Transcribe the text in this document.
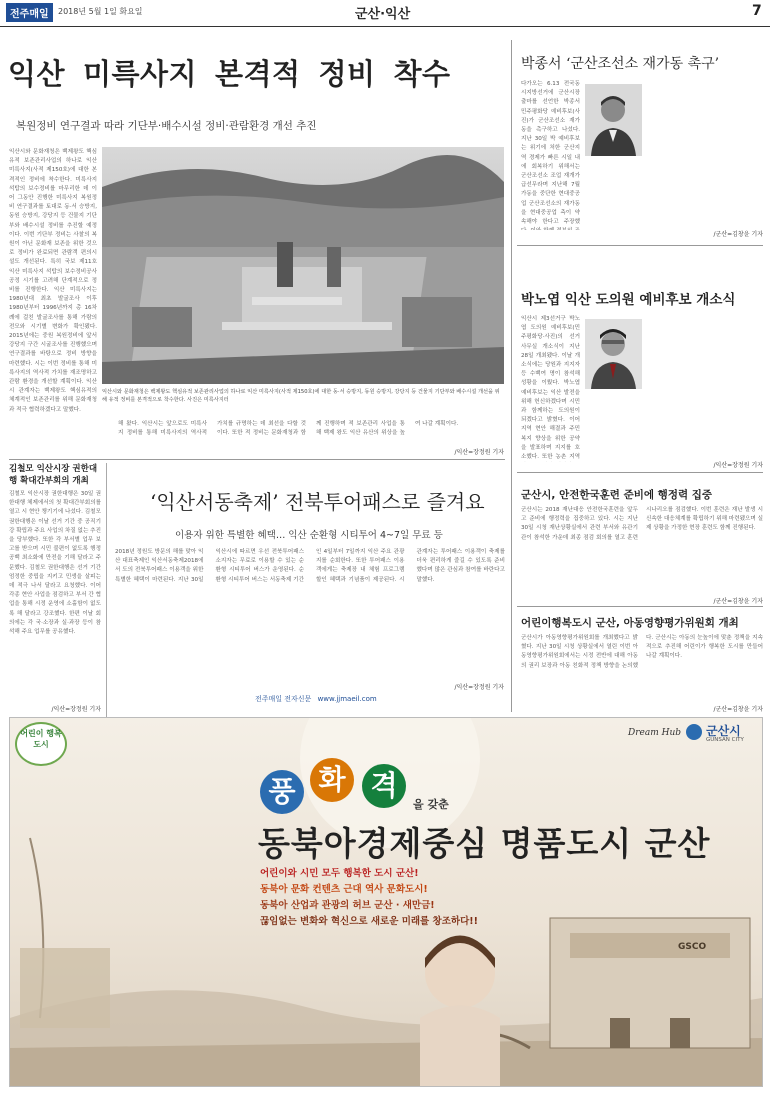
전주매일	2018년 5월 1일 화요일	군산·익산	7
익산 미륵사지 본격적 정비 착수
복원정비 연구결과 따라 기단부·배수시설 정비·관람환경 개선 추진
익산시와 문화재청은 백제왕도 핵심유적 보존관리사업의 하나로 익산 미륵사지(사적 제150호)에 대한 본격적인 정비에 착수한다. 미륵사지 석탑의 보수정비를 마무리한 데 이어 그동안 진행한 미륵사지 복원정비 연구결과를 토대로 동·서 승방지, 동원 승방지, 강당지 등 건물지 기단부와 배수시설 정비를 추진할 예정이다. 이번 기단부 정비는 사찰의 복원이 아닌 문화재 보존을 위한 것으로 정비가 완료되면 관람객 편의시설도 개선된다. 특히 국보 제11호 익산 미륵사지 석탑의 보수정비공사 공정 시기를 고려해 단계적으로 정비를 진행한다. 익산 미륵사지는 1980년대 최초 발굴조사 이후 1980년부터 1996년까지 총 16차례에 걸친 발굴조사를 통해 가람의 전모와 시기별 변화가 확인됐다. 2015년에는 중원 복원정비에 앞서 강당지 구간 시굴조사를 진행했으며 연구결과를 바탕으로 정비 방향을 마련했다. 시는 이번 정비를 통해 미륵사지의 역사적 가치를 재조명하고 관람 환경을 개선할 계획이다. 익산시 관계자는 백제왕도 핵심유적의 체계적인 보존관리를 위해 문화재청과 적극 협력하겠다고 말했다.
익산시와 문화재청은 백제왕도 핵심유적 보존관리사업의 하나로 익산 미륵사지(사적 제150호)에 대한 동·서 승방지, 동원 승방지, 강당지 등 건물지 기단부와 배수시설 개선을 위해 유적 정비를 본격적으로 착수한다. 사진은 미륵사지터
해 왔다. 익산시는 앞으로도 미륵사지 정비를 통해 미륵사지의 역사적 가치를 규명하는 데 최선을 다할 것이다. 또한 적 정비는 문화재청과 함께 진행하며 적 보존관리 사업을 통해 백제 왕도 익산 유산의 위상을 높여 나갈 계획이다.
/익산=장정원 기자
김철모 익산시장 권한대행 확대간부회의 개최
김철모 익산시장 권한대행은 30일 권한대행 체제에서의 첫 확대간부회의를 열고 시 현안 챙기기에 나섰다. 김철모 권한대행은 이날 선거 기간 중 공직기강 확립과 주요 사업의 차질 없는 추진을 당부했다. 또한 각 부서별 업무 보고를 받으며 시민 불편이 없도록 행정 공백 최소화에 만전을 기해 달라고 주문했다. 김철모 권한대행은 선거 기간 엄정한 중립을 지키고 민생을 살피는 데 적극 나서 달라고 요청했다. 이어 각종 현안 사업을 점검하고 부서 간 협업을 통해 시정 운영에 소홀함이 없도록 해 달라고 강조했다. 한편 이날 회의에는 각 국·소장과 실·과장 등이 참석해 주요 업무를 공유했다.
/익산=장정원 기자
‘익산서동축제’ 전북투어패스로 즐겨요
이용자 위한 특별한 혜택… 익산 순환형 시티투어 4~7일 무료 등
2018년 정원도 방문의 해를 맞아 익산 대표축제인 익산서동축제2018에서 도의 전북투어패스 이용객을 위한 특별한 혜택이 마련된다. 지난 30일 익산시에 따르면 우선 전북투어패스 소지자는 무료로 이용할 수 있는 순환형 시티투어 버스가 운영된다. 순환형 시티투어 버스는 서동축제 기간인 4일부터 7일까지 익산 주요 관광지를 순회한다. 또한 투어패스 이용객에게는 축제장 내 체험 프로그램 할인 혜택과 기념품이 제공된다. 시 관계자는 투어패스 이용객이 축제를 더욱 편리하게 즐길 수 있도록 준비했다며 많은 관심과 참여를 바란다고 말했다.
/익산=장정원 기자
전주매일 전자신문 www.jjmaeil.com
박종서 ‘군산조선소 재가동 촉구’
다가오는 6.13 전국동시지방선거에 군산시장 출마를 선언한 박종서 민주평화당 예비후보(사진)가 군산조선소 재가동을 촉구하고 나섰다. 지난 30일 박 예비후보는 위기에 처한 군산지역 경제가 빠른 시일 내에 회복하기 위해서는 군산조선소 조업 재개가 급선무라며 지난해 7월 가동을 중단한 현대중공업 군산조선소의 재가동을 현대중공업 측이 약속해야 한다고 주장했
/군산=김창윤 기자
박노엽 익산 도의원 예비후보 개소식
익산시 제3선거구 박노엽 도의원 예비후보(민주평화당·사진)의 선거사무실 개소식이 지난 28일 개최됐다. 이날 개소식에는 당원과 지지자 등 수백여 명이 참석해 성황을 이뤘다. 박노엽 예비후보는 익산 발전을 위해 헌신하겠다며 시민과 함께하는 도의원이 되겠다고 밝혔다. 이어 지역 현안 해결과 주민 복지 향상을 위한 공약을 발표하며 지지를 호소했다. 또한 농촌 지역
/익산=장정원 기자
군산시, 안전한국훈련 준비에 행정력 집중
군산시는 2018 재난대응 안전한국훈련을 앞두고 준비에 행정력을 집중하고 있다. 시는 지난 30일 시청 재난상황실에서 관련 부서와 유관기관이 참석한 가운데 최종 점검 회의를 열고 훈련 시나리오를 점검했다. 이번 훈련은 재난 발생 시 신속한 대응체계를 확립하기 위해 마련됐으며 실제 상황을 가정한 현장 훈련도 함께 진행된다.
/군산=김창윤 기자
어린이행복도시 군산, 아동영향평가위원회 개최
군산시가 아동영향평가위원회를 개최했다고 밝혔다. 지난 30일 시청 상황실에서 열린 이번 아동영향평가위원회에서는 시정 전반에 대해 아동의 권리 보장과 아동 친화적 정책 방향을 논의했다. 군산시는 아동의 눈높이에 맞춘 정책을 지속적으로 추진해 어린이가 행복한 도시를 만들어 나갈 계획이다.
/군산=김창윤 기자
어린이 행복도시
Dream Hub 군산시
GUNSAN CITY
풍 화 격
을 갖춘
동북아경제중심 명품도시 군산
어린이와 시민 모두 행복한 도시 군산!
동북아 문화 컨텐츠 근대 역사 문화도시!
동북아 산업과 관광의 허브 군산 · 새만금!
끊임없는 변화와 혁신으로 새로운 미래를 창조하다!!
GSCO
